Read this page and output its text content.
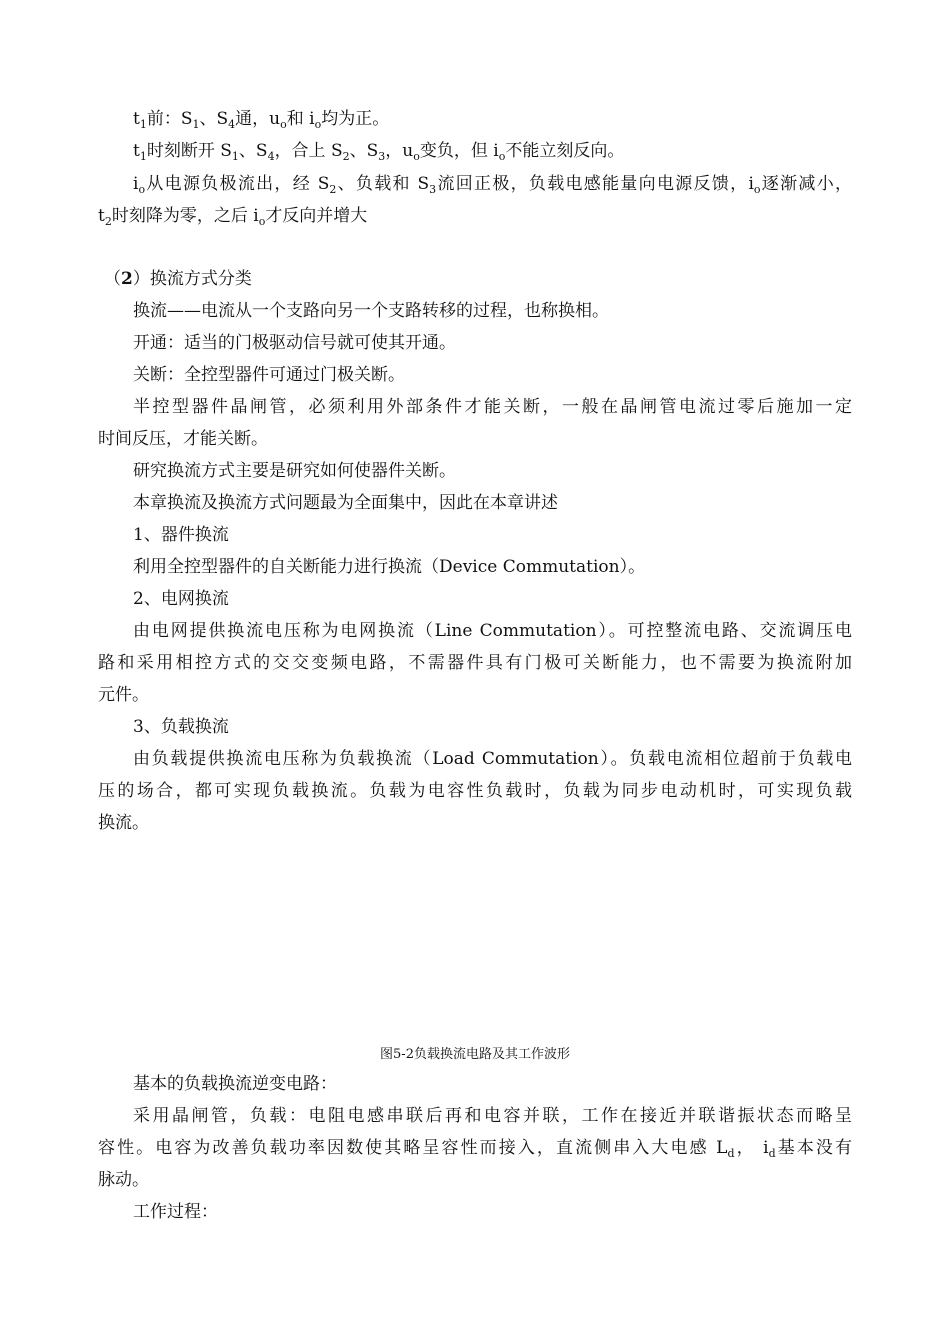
$t_1$前：$S_1$、$S_4$通，$u_o$和 $i_o$均为正。
$t_1$时刻断开 $S_1$、$S_4$，合上 $S_2$、$S_3$，$u_o$变负，但 $i_o$不能立刻反向。
$i_o$从电源负极流出，经 $S_2$、负载和 $S_3$流回正极，负载电感能量向电源反馈，$i_o$逐渐减小，
$t_2$时刻降为零，之后 $i_o$才反向并增大
（2）换流方式分类
换流——电流从一个支路向另一个支路转移的过程，也称换相。
开通：适当的门极驱动信号就可使其开通。
关断：全控型器件可通过门极关断。
半控型器件晶闸管，必须利用外部条件才能关断，一般在晶闸管电流过零后施加一定
时间反压，才能关断。
研究换流方式主要是研究如何使器件关断。
本章换流及换流方式问题最为全面集中，因此在本章讲述
1、器件换流
利用全控型器件的自关断能力进行换流（Device Commutation）。
2、电网换流
由电网提供换流电压称为电网换流（Line Commutation）。可控整流电路、交流调压电
路和采用相控方式的交交变频电路，不需器件具有门极可关断能力，也不需要为换流附加
元件。
3、负载换流
由负载提供换流电压称为负载换流（Load Commutation）。负载电流相位超前于负载电
压的场合，都可实现负载换流。负载为电容性负载时，负载为同步电动机时，可实现负载
换流。
图5-2负载换流电路及其工作波形
基本的负载换流逆变电路：
采用晶闸管，负载：电阻电感串联后再和电容并联，工作在接近并联谐振状态而略呈
容性。电容为改善负载功率因数使其略呈容性而接入，直流侧串入大电感 $L_d$， $i_d$基本没有
脉动。
工作过程：
